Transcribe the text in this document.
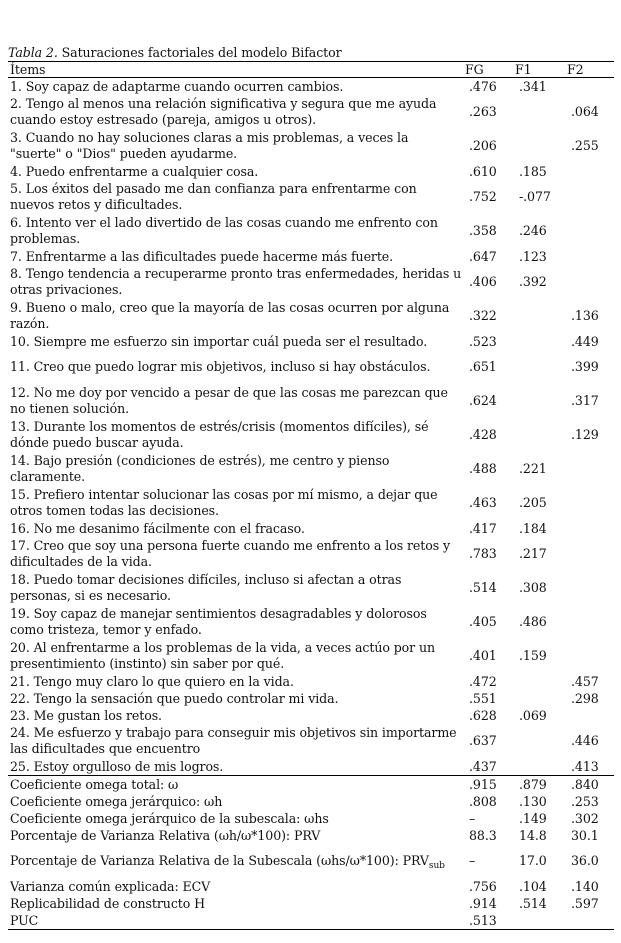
Tabla 2. Saturaciones factoriales del modelo Bifactor
Ítems	FG	F1	F2
1. Soy capaz de adaptarme cuando ocurren cambios.	.476	.341	
2. Tengo al menos una relación significativa y segura que me ayuda cuando estoy estresado (pareja, amigos u otros).	.263		.064
3. Cuando no hay soluciones claras a mis problemas, a veces la "suerte" o "Dios" pueden ayudarme.	.206		.255
4. Puedo enfrentarme a cualquier cosa.	.610	.185	
5. Los éxitos del pasado me dan confianza para enfrentarme con nuevos retos y dificultades.	.752	-.077	
6. Intento ver el lado divertido de las cosas cuando me enfrento con problemas.	.358	.246	
7. Enfrentarme a las dificultades puede hacerme más fuerte.	.647	.123	
8. Tengo tendencia a recuperarme pronto tras enfermedades, heridas u otras privaciones.	.406	.392	
9. Bueno o malo, creo que la mayoría de las cosas ocurren por alguna razón.	.322		.136
10. Siempre me esfuerzo sin importar cuál pueda ser el resultado.	.523		.449
11. Creo que puedo lograr mis objetivos, incluso si hay obstáculos.	.651		.399
12. No me doy por vencido a pesar de que las cosas me parezcan que no tienen solución.	.624		.317
13. Durante los momentos de estrés/crisis (momentos difíciles), sé dónde puedo buscar ayuda.	.428		.129
14. Bajo presión (condiciones de estrés), me centro y pienso claramente.	.488	.221	
15. Prefiero intentar solucionar las cosas por mí mismo, a dejar que otros tomen todas las decisiones.	.463	.205	
16. No me desanimo fácilmente con el fracaso.	.417	.184	
17. Creo que soy una persona fuerte cuando me enfrento a los retos y dificultades de la vida.	.783	.217	
18. Puedo tomar decisiones difíciles, incluso si afectan a otras personas, si es necesario.	.514	.308	
19. Soy capaz de manejar sentimientos desagradables y dolorosos como tristeza, temor y enfado.	.405	.486	
20. Al enfrentarme a los problemas de la vida, a veces actúo por un presentimiento (instinto) sin saber por qué.	.401	.159	
21. Tengo muy claro lo que quiero en la vida.	.472		.457
22. Tengo la sensación que puedo controlar mi vida.	.551		.298
23. Me gustan los retos.	.628	.069	
24. Me esfuerzo y trabajo para conseguir mis objetivos sin importarme las dificultades que encuentro	.637		.446
25. Estoy orgulloso de mis logros.	.437		.413
Coeficiente omega total: ω	.915	.879	.840
Coeficiente omega jerárquico: ωh	.808	.130	.253
Coeficiente omega jerárquico de la subescala: ωhs	–	.149	.302
Porcentaje de Varianza Relativa (ωh/ω*100): PRV	88.3	14.8	30.1
Porcentaje de Varianza Relativa de la Subescala (ωhs/ω*100): $PRV_{sub}$	–	17.0	36.0
Varianza común explicada: ECV	.756	.104	.140
Replicabilidad de constructo H	.914	.514	.597
PUC	.513		
